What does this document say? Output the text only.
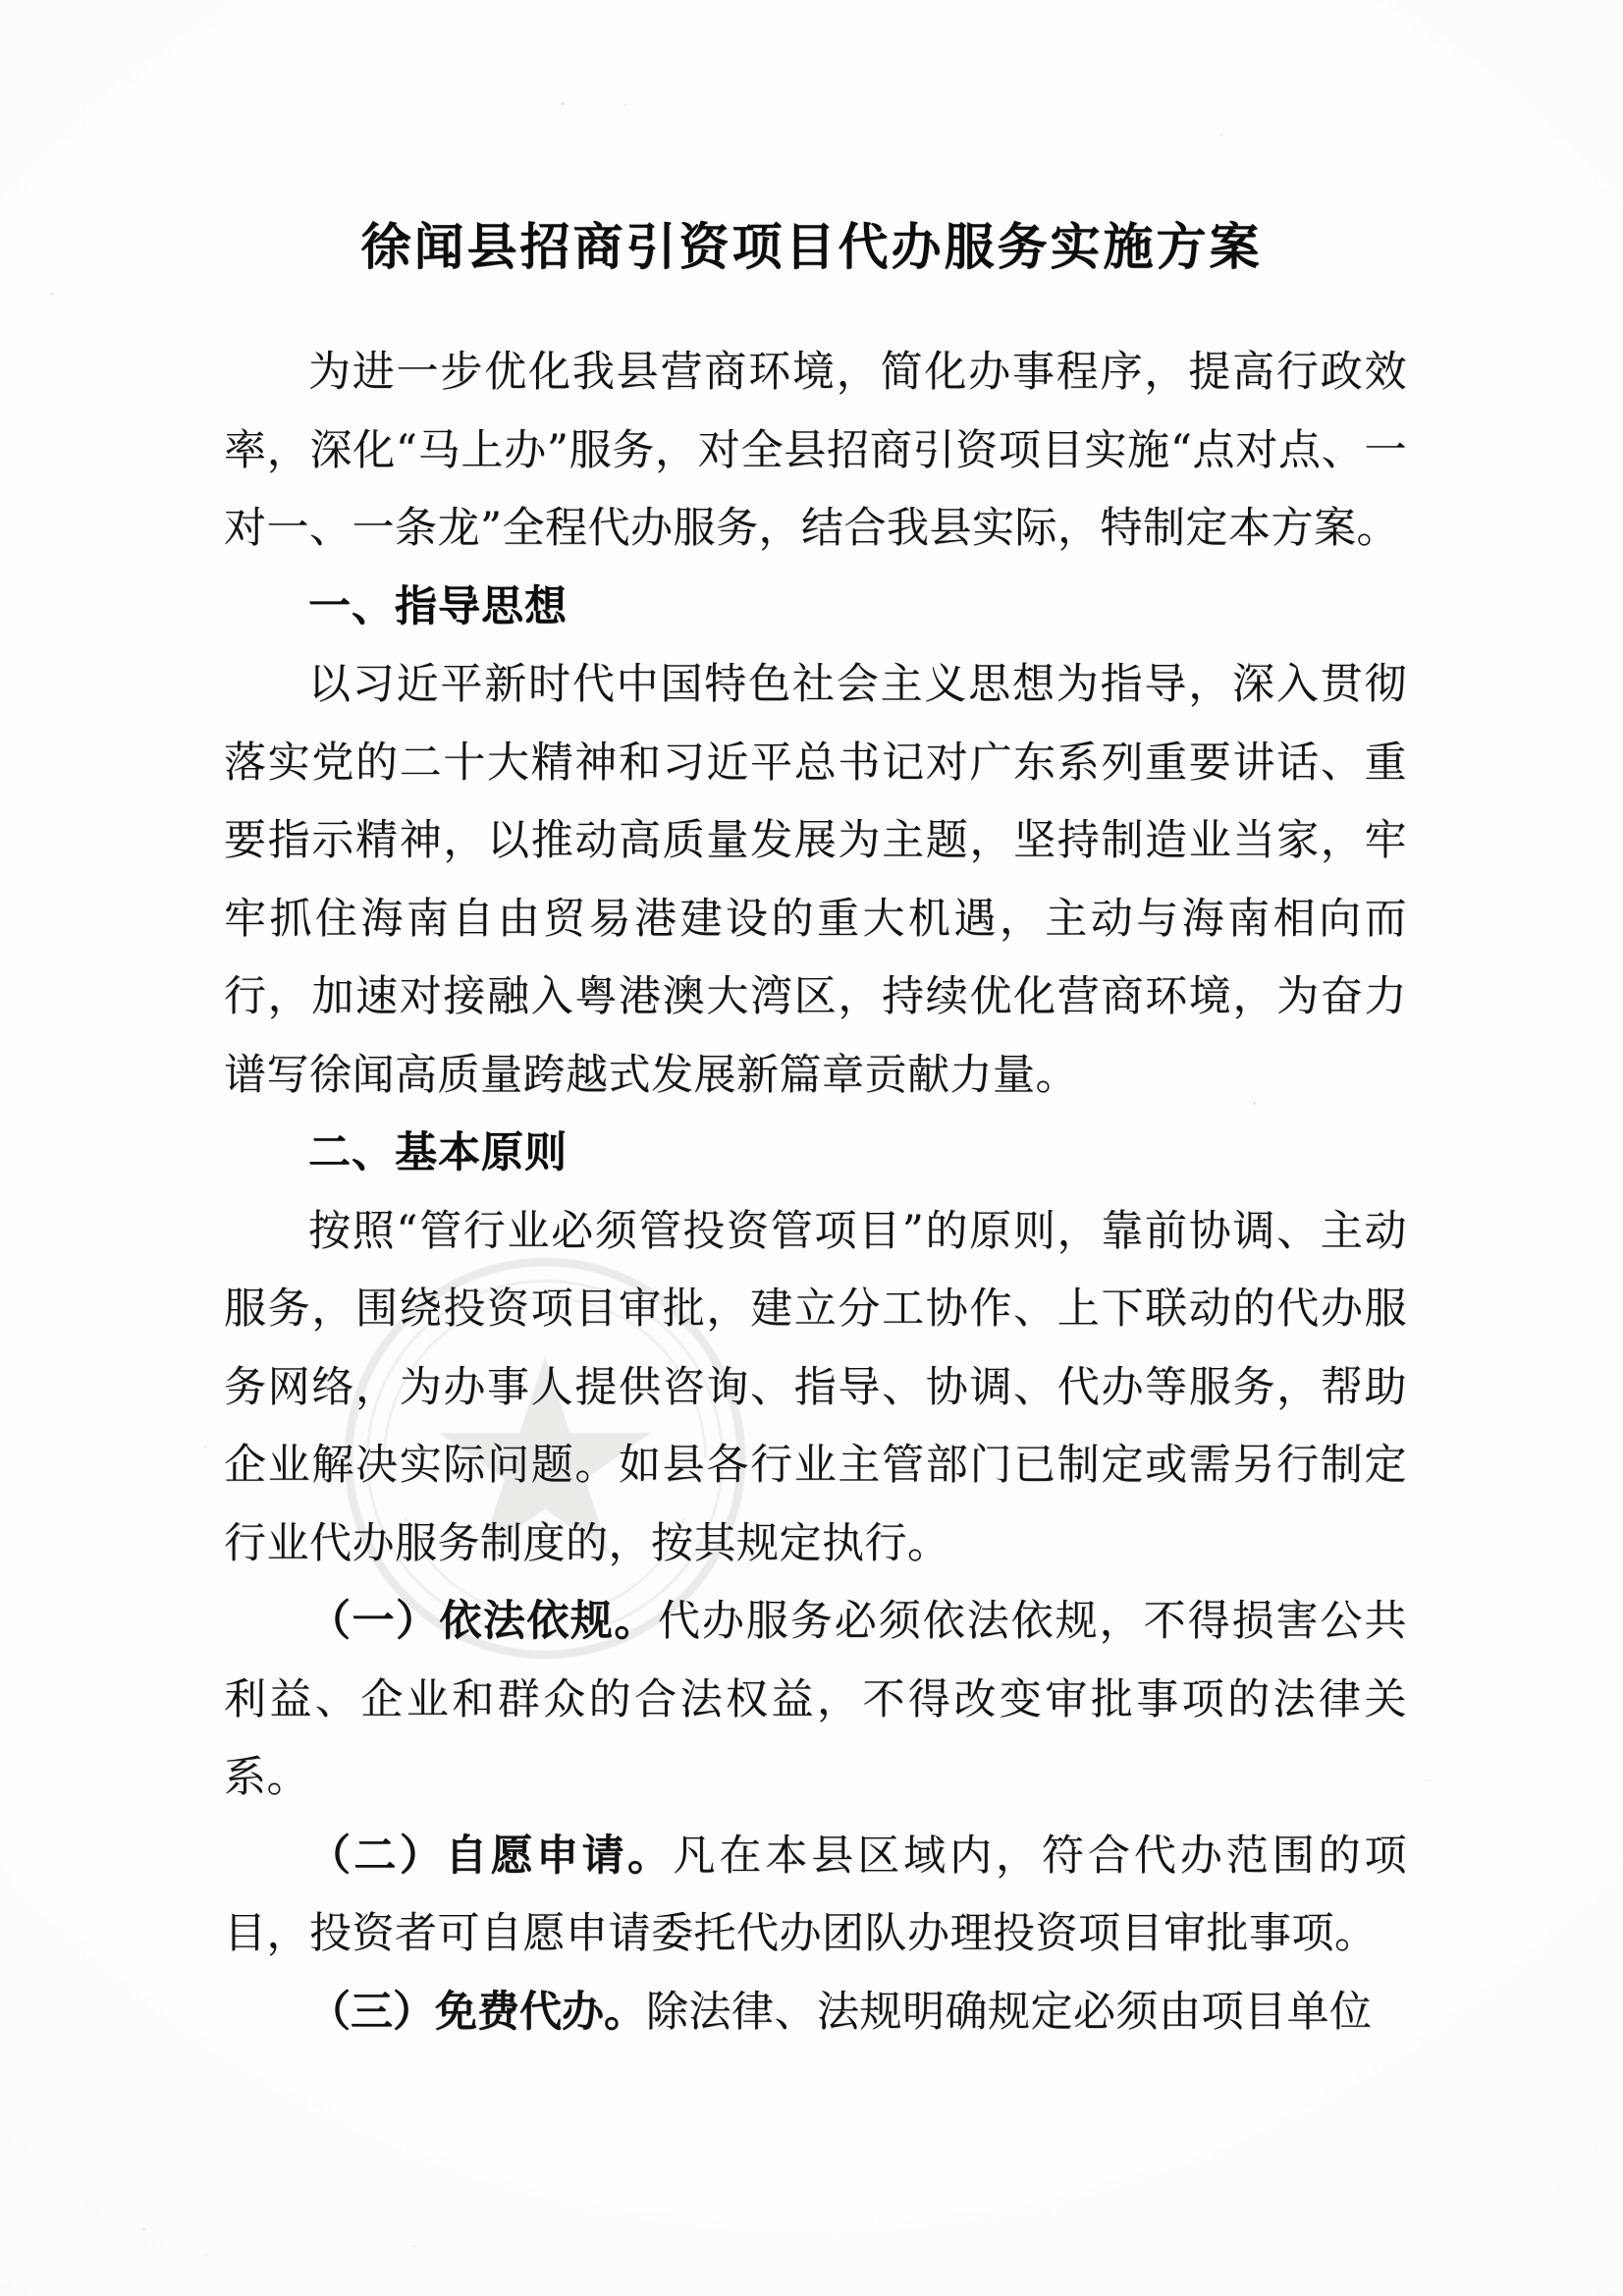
徐闻县招商引资项目代办服务实施方案

为进一步优化我县营商环境，简化办事程序，提高行政效率，深化“马上办”服务，对全县招商引资项目实施“点对点、一对一、一条龙”全程代办服务，结合我县实际，特制定本方案。

一、指导思想

以习近平新时代中国特色社会主义思想为指导，深入贯彻落实党的二十大精神和习近平总书记对广东系列重要讲话、重要指示精神，以推动高质量发展为主题，坚持制造业当家，牢牢抓住海南自由贸易港建设的重大机遇，主动与海南相向而行，加速对接融入粤港澳大湾区，持续优化营商环境，为奋力谱写徐闻高质量跨越式发展新篇章贡献力量。

二、基本原则

按照“管行业必须管投资管项目”的原则，靠前协调、主动服务，围绕投资项目审批，建立分工协作、上下联动的代办服务网络，为办事人提供咨询、指导、协调、代办等服务，帮助企业解决实际问题。如县各行业主管部门已制定或需另行制定行业代办服务制度的，按其规定执行。

（一）依法依规。代办服务必须依法依规，不得损害公共利益、企业和群众的合法权益，不得改变审批事项的法律关系。

（二）自愿申请。凡在本县区域内，符合代办范围的项目，投资者可自愿申请委托代办团队办理投资项目审批事项。

（三）免费代办。除法律、法规明确规定必须由项目单位
